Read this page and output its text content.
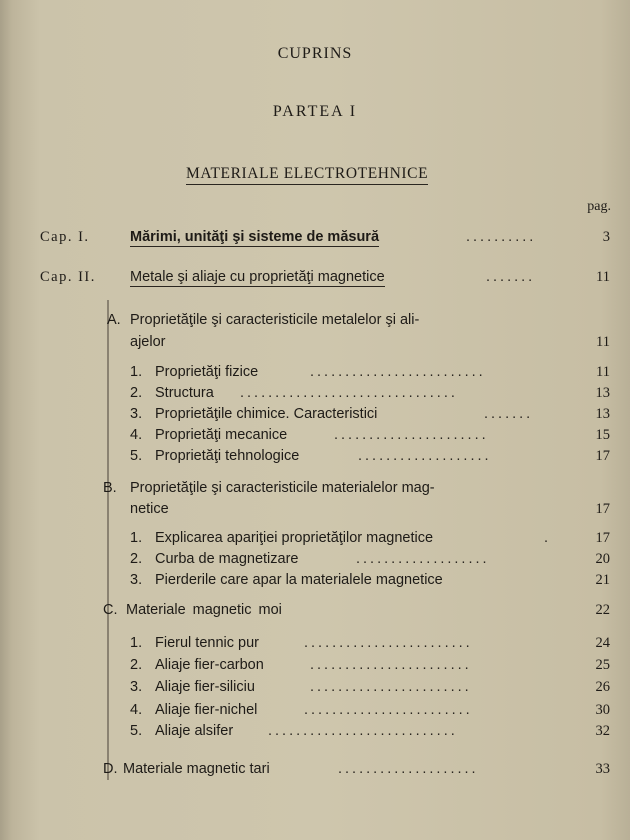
CUPRINS
PARTEA I
MATERIALE ELECTROTEHNICE
pag.
Cap. I.	Mărimi, unităţi şi sisteme de măsură	..........	3
Cap. II. Metale şi aliaje cu proprietăţi magnetice	.......	11
A. Proprietăţile şi caracteristicile metalelor şi ali-
ajelor	11
1. Proprietăţi fizice	.........................	11
2. Structura ...............................	13
3. Proprietăţile chimice. Caracteristici	.......	13
4. Proprietăţi mecanice	......................	15
5. Proprietăţi tehnologice	...................	17
B. Proprietăţile şi caracteristicile materialelor mag-
netice	17
1. Explicarea apariţiei proprietăţilor magnetice	.	17
2. Curba de magnetizare	...................	20
3. Pierderile care apar la materialele magnetice	21
C. Materiale magnetic moi	22
1. Fierul tennic pur	........................	24
2. Aliaje fier-carbon	.......................	25
3. Aliaje fier-siliciu	.......................	26
4. Aliaje fier-nichel	........................	30
5. Aliaje alsifer ...........................	32
D. Materiale magnetic tari	....................	33
